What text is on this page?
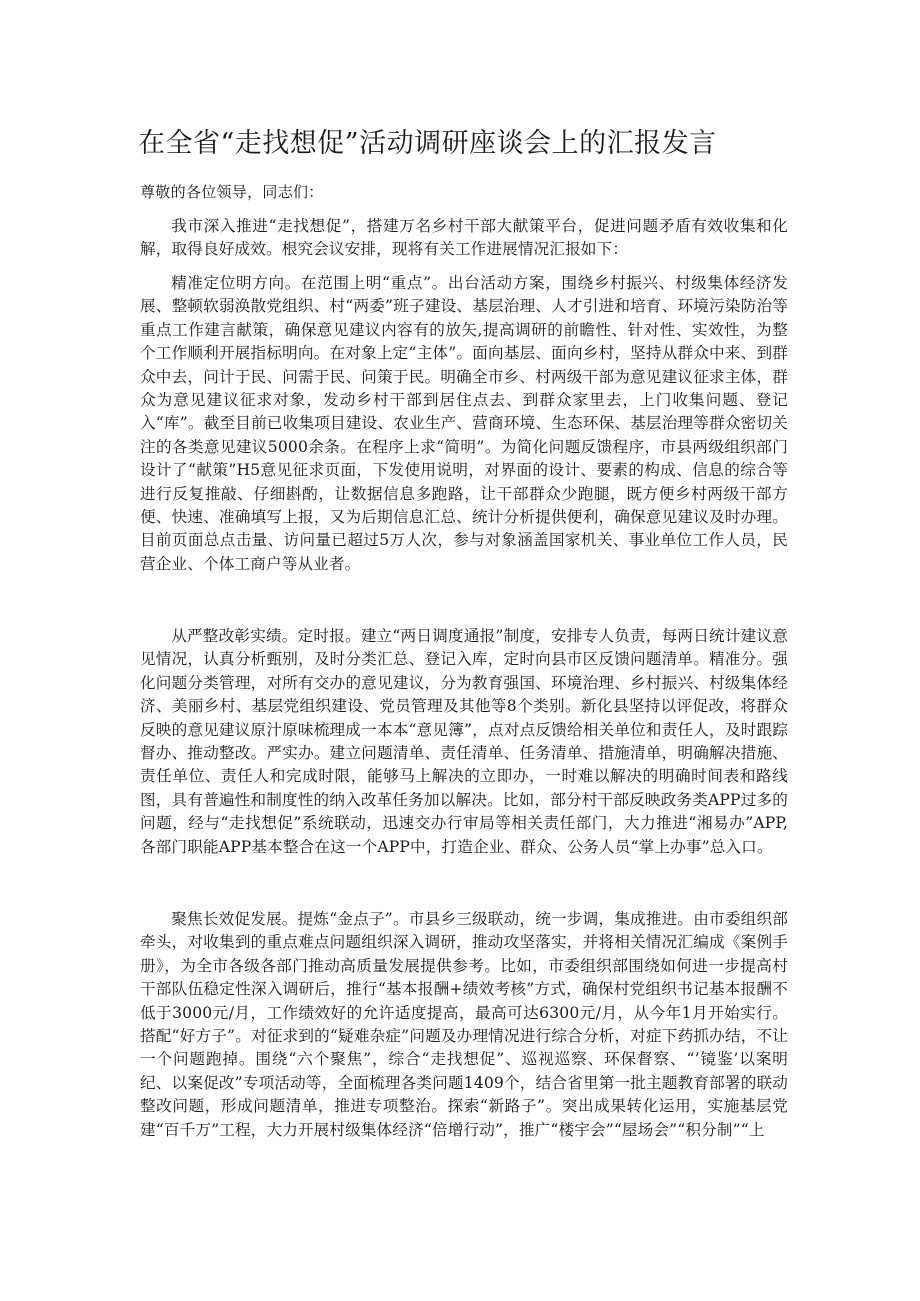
在全省“走找想促”活动调研座谈会上的汇报发言

尊敬的各位领导，同志们：

我市深入推进“走找想促”，搭建万名乡村干部大献策平台，促进问题矛盾有效收集和化解，取得良好成效。根究会议安排，现将有关工作进展情况汇报如下：

精准定位明方向。在范围上明“重点”。出台活动方案，围绕乡村振兴、村级集体经济发展、整顿软弱涣散党组织、村“两委”班子建设、基层治理、人才引进和培育、环境污染防治等重点工作建言献策，确保意见建议内容有的放矢,提高调研的前瞻性、针对性、实效性，为整个工作顺利开展指标明向。在对象上定“主体”。面向基层、面向乡村，坚持从群众中来、到群众中去，问计于民、问需于民、问策于民。明确全市乡、村两级干部为意见建议征求主体，群众为意见建议征求对象，发动乡村干部到居住点去、到群众家里去，上门收集问题、登记入“库”。截至目前已收集项目建设、农业生产、营商环境、生态环保、基层治理等群众密切关注的各类意见建议5000余条。在程序上求“简明”。为简化问题反馈程序，市县两级组织部门设计了“献策”H5意见征求页面，下发使用说明，对界面的设计、要素的构成、信息的综合等进行反复推敲、仔细斟酌，让数据信息多跑路，让干部群众少跑腿，既方便乡村两级干部方便、快速、准确填写上报，又为后期信息汇总、统计分析提供便利，确保意见建议及时办理。目前页面总点击量、访问量已超过5万人次，参与对象涵盖国家机关、事业单位工作人员，民营企业、个体工商户等从业者。

从严整改彰实绩。定时报。建立“两日调度通报”制度，安排专人负责，每两日统计建议意见情况，认真分析甄别，及时分类汇总、登记入库，定时向县市区反馈问题清单。精准分。强化问题分类管理，对所有交办的意见建议，分为教育强国、环境治理、乡村振兴、村级集体经济、美丽乡村、基层党组织建设、党员管理及其他等8个类别。新化县坚持以评促改，将群众反映的意见建议原汁原味梳理成一本本“意见簿”，点对点反馈给相关单位和责任人，及时跟踪督办、推动整改。严实办。建立问题清单、责任清单、任务清单、措施清单，明确解决措施、责任单位、责任人和完成时限，能够马上解决的立即办，一时难以解决的明确时间表和路线图，具有普遍性和制度性的纳入改革任务加以解决。比如，部分村干部反映政务类APP过多的问题，经与“走找想促”系统联动，迅速交办行审局等相关责任部门，大力推进“湘易办”APP,各部门职能APP基本整合在这一个APP中，打造企业、群众、公务人员“掌上办事”总入口。

聚焦长效促发展。提炼“金点子”。市县乡三级联动，统一步调，集成推进。由市委组织部牵头，对收集到的重点难点问题组织深入调研，推动攻坚落实，并将相关情况汇编成《案例手册》，为全市各级各部门推动高质量发展提供参考。比如，市委组织部围绕如何进一步提高村干部队伍稳定性深入调研后，推行“基本报酬+绩效考核”方式，确保村党组织书记基本报酬不低于3000元/月，工作绩效好的允许适度提高，最高可达6300元/月，从今年1月开始实行。搭配“好方子”。对征求到的“疑难杂症”问题及办理情况进行综合分析，对症下药抓办结，不让一个问题跑掉。围绕“六个聚焦”，综合“走找想促”、巡视巡察、环保督察、“’镜鉴’以案明纪、以案促改”专项活动等，全面梳理各类问题1409个，结合省里第一批主题教育部署的联动整改问题，形成问题清单，推进专项整治。探索“新路子”。突出成果转化运用，实施基层党建“百千万”工程，大力开展村级集体经济“倍增行动”，推广“楼宇会”“屋场会”“积分制”“上
